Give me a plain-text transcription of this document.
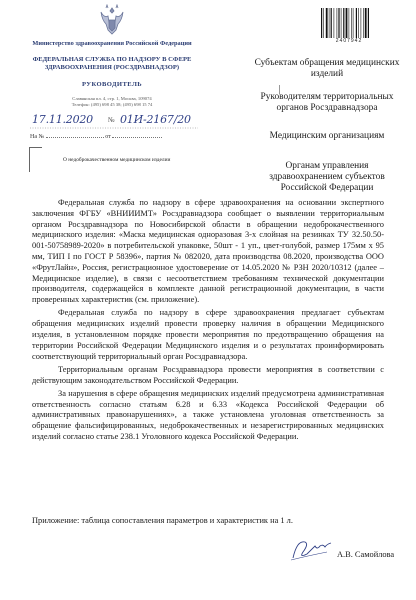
Министерство здравоохранения Российской Федерации
ФЕДЕРАЛЬНАЯ СЛУЖБА ПО НАДЗОРУ В СФЕРЕ ЗДРАВООХРАНЕНИЯ (РОСЗДРАВНАДЗОР)
РУКОВОДИТЕЛЬ
Славянская пл. 4, стр. 1, Москва, 109074
Телефон: (495) 698 45 38; (495) 698 15 74
17.11.2020 № 01И-2167/20
На №	от
О недоброкачественном медицинском изделии
2407942
Субъектам обращения медицинских изделий
Руководителям территориальных органов Росздравнадзора
Медицинским организациям
Органам управления здравоохранением субъектов Российской Федерации

Федеральная служба по надзору в сфере здравоохранения на основании экспертного заключения ФГБУ «ВНИИИМТ» Росздравнадзора сообщает о выявлении территориальным органом Росздравнадзора по Новосибирской области в обращении недоброкачественного медицинского изделия: «Маска медицинская одноразовая 3-х слойная на резинках ТУ 32.50.50-001-50758989-2020» в потребительской упаковке, 50шт - 1 уп., цвет-голубой, размер 175мм х 95 мм, ТИП I по ГОСТ Р 58396», партия № 082020, дата производства 08.2020, производства ООО «ФрутЛайн», Россия, регистрационное удостоверение от 14.05.2020 № РЗН 2020/10312 (далее – Медицинское изделие), в связи с несоответствием требованиям технической документации производителя, содержащейся в комплекте данной регистрационной документации, в части проверенных характеристик (см. приложение).

Федеральная служба по надзору в сфере здравоохранения предлагает субъектам обращения медицинских изделий провести проверку наличия в обращении Медицинского изделия, в установленном порядке провести мероприятия по предотвращению обращения на территории Российской Федерации Медицинского изделия и о результатах проинформировать соответствующий территориальный орган Росздравнадзора.

Территориальным органам Росздравнадзора провести мероприятия в соответствии с действующим законодательством Российской Федерации.

За нарушения в сфере обращения медицинских изделий предусмотрена административная ответственность согласно статьям 6.28 и 6.33 «Кодекса Российской Федерации об административных правонарушениях», а также установлена уголовная ответственность за обращение фальсифицированных, недоброкачественных и незарегистрированных медицинских изделий согласно статье 238.1 Уголовного кодекса Российской Федерации.

Приложение: таблица сопоставления параметров и характеристик на 1 л.
А.В. Самойлова
